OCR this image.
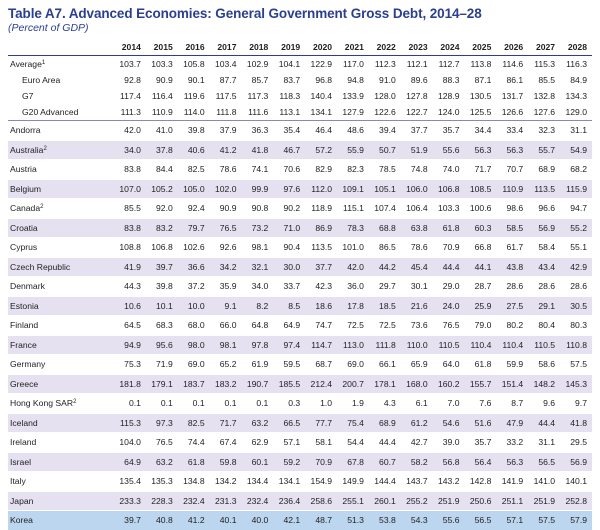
Table A7. Advanced Economies: General Government Gross Debt, 2014–28
(Percent of GDP)
	2014	2015	2016	2017	2018	2019	2020	2021	2022	2023	2024	2025	2026	2027	2028
Average$^1$	103.7	103.3	105.8	103.4	102.9	104.1	122.9	117.0	112.3	112.1	112.7	113.8	114.6	115.3	116.3
Euro Area	92.8	90.9	90.1	87.7	85.7	83.7	96.8	94.8	91.0	89.6	88.3	87.1	86.1	85.5	84.9
G7	117.4	116.4	119.6	117.5	117.3	118.3	140.4	133.9	128.0	127.8	128.9	130.5	131.7	132.8	134.3
G20 Advanced	111.3	110.9	114.0	111.8	111.6	113.1	134.1	127.9	122.6	122.7	124.0	125.5	126.6	127.6	129.0
Andorra	42.0	41.0	39.8	37.9	36.3	35.4	46.4	48.6	39.4	37.7	35.7	34.4	33.4	32.3	31.1
Australia$^2$	34.0	37.8	40.6	41.2	41.8	46.7	57.2	55.9	50.7	51.9	55.6	56.3	56.3	55.7	54.9
Austria	83.8	84.4	82.5	78.6	74.1	70.6	82.9	82.3	78.5	74.8	74.0	71.7	70.7	68.9	68.2
Belgium	107.0	105.2	105.0	102.0	99.9	97.6	112.0	109.1	105.1	106.0	106.8	108.5	110.9	113.5	115.9
Canada$^2$	85.5	92.0	92.4	90.9	90.8	90.2	118.9	115.1	107.4	106.4	103.3	100.6	98.6	96.6	94.7
Croatia	83.8	83.2	79.7	76.5	73.2	71.0	86.9	78.3	68.8	63.8	61.8	60.3	58.5	56.9	55.2
Cyprus	108.8	106.8	102.6	92.6	98.1	90.4	113.5	101.0	86.5	78.6	70.9	66.8	61.7	58.4	55.1
Czech Republic	41.9	39.7	36.6	34.2	32.1	30.0	37.7	42.0	44.2	45.4	44.4	44.1	43.8	43.4	42.9
Denmark	44.3	39.8	37.2	35.9	34.0	33.7	42.3	36.0	29.7	30.1	29.0	28.7	28.6	28.6	28.6
Estonia	10.6	10.1	10.0	9.1	8.2	8.5	18.6	17.8	18.5	21.6	24.0	25.9	27.5	29.1	30.5
Finland	64.5	68.3	68.0	66.0	64.8	64.9	74.7	72.5	72.5	73.6	76.5	79.0	80.2	80.4	80.3
France	94.9	95.6	98.0	98.1	97.8	97.4	114.7	113.0	111.8	110.0	110.5	110.4	110.4	110.5	110.8
Germany	75.3	71.9	69.0	65.2	61.9	59.5	68.7	69.0	66.1	65.9	64.0	61.8	59.9	58.6	57.5
Greece	181.8	179.1	183.7	183.2	190.7	185.5	212.4	200.7	178.1	168.0	160.2	155.7	151.4	148.2	145.3
Hong Kong SAR$^2$	0.1	0.1	0.1	0.1	0.1	0.3	1.0	1.9	4.3	6.1	7.0	7.6	8.7	9.6	9.7
Iceland	115.3	97.3	82.5	71.7	63.2	66.5	77.7	75.4	68.9	61.2	54.6	51.6	47.9	44.4	41.8
Ireland	104.0	76.5	74.4	67.4	62.9	57.1	58.1	54.4	44.4	42.7	39.0	35.7	33.2	31.1	29.5
Israel	64.9	63.2	61.8	59.8	60.1	59.2	70.9	67.8	60.7	58.2	56.8	56.4	56.3	56.5	56.9
Italy	135.4	135.3	134.8	134.2	134.4	134.1	154.9	149.9	144.4	143.7	143.2	142.8	141.9	141.0	140.1
Japan	233.3	228.3	232.4	231.3	232.4	236.4	258.6	255.1	260.1	255.2	251.9	250.6	251.1	251.9	252.8
Korea	39.7	40.8	41.2	40.1	40.0	42.1	48.7	51.3	53.8	54.3	55.6	56.5	57.1	57.5	57.9
